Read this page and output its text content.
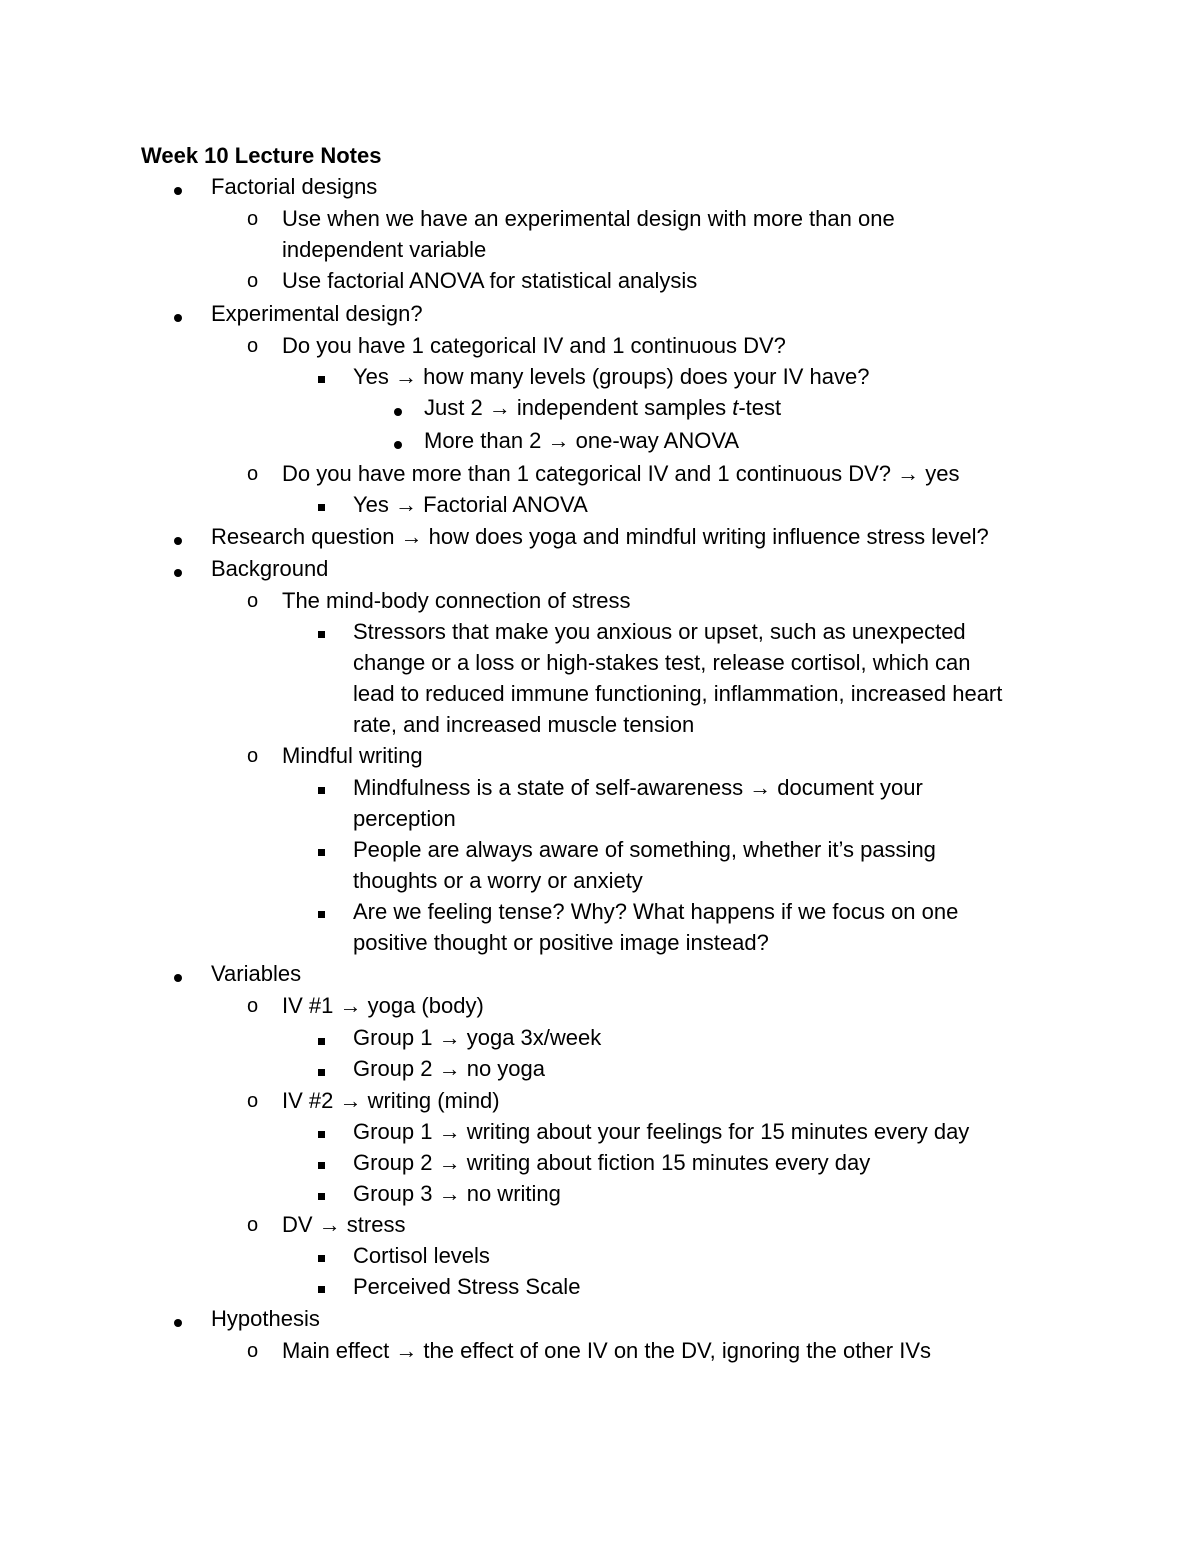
Week 10 Lecture Notes
Factorial designs
o Use when we have an experimental design with more than one
independent variable
o Use factorial ANOVA for statistical analysis
Experimental design?
o Do you have 1 categorical IV and 1 continuous DV?
Yes → how many levels (groups) does your IV have?
Just 2 → independent samples t-test
More than 2 → one-way ANOVA
o Do you have more than 1 categorical IV and 1 continuous DV? → yes
Yes → Factorial ANOVA
Research question → how does yoga and mindful writing influence stress level?
Background
o The mind-body connection of stress
Stressors that make you anxious or upset, such as unexpected
change or a loss or high-stakes test, release cortisol, which can
lead to reduced immune functioning, inflammation, increased heart
rate, and increased muscle tension
o Mindful writing
Mindfulness is a state of self-awareness → document your
perception
People are always aware of something, whether it’s passing
thoughts or a worry or anxiety
Are we feeling tense? Why? What happens if we focus on one
positive thought or positive image instead?
Variables
o IV #1 → yoga (body)
Group 1 → yoga 3x/week
Group 2 → no yoga
o IV #2 → writing (mind)
Group 1 → writing about your feelings for 15 minutes every day
Group 2 → writing about fiction 15 minutes every day
Group 3 → no writing
o DV → stress
Cortisol levels
Perceived Stress Scale
Hypothesis
o Main effect → the effect of one IV on the DV, ignoring the other IVs
